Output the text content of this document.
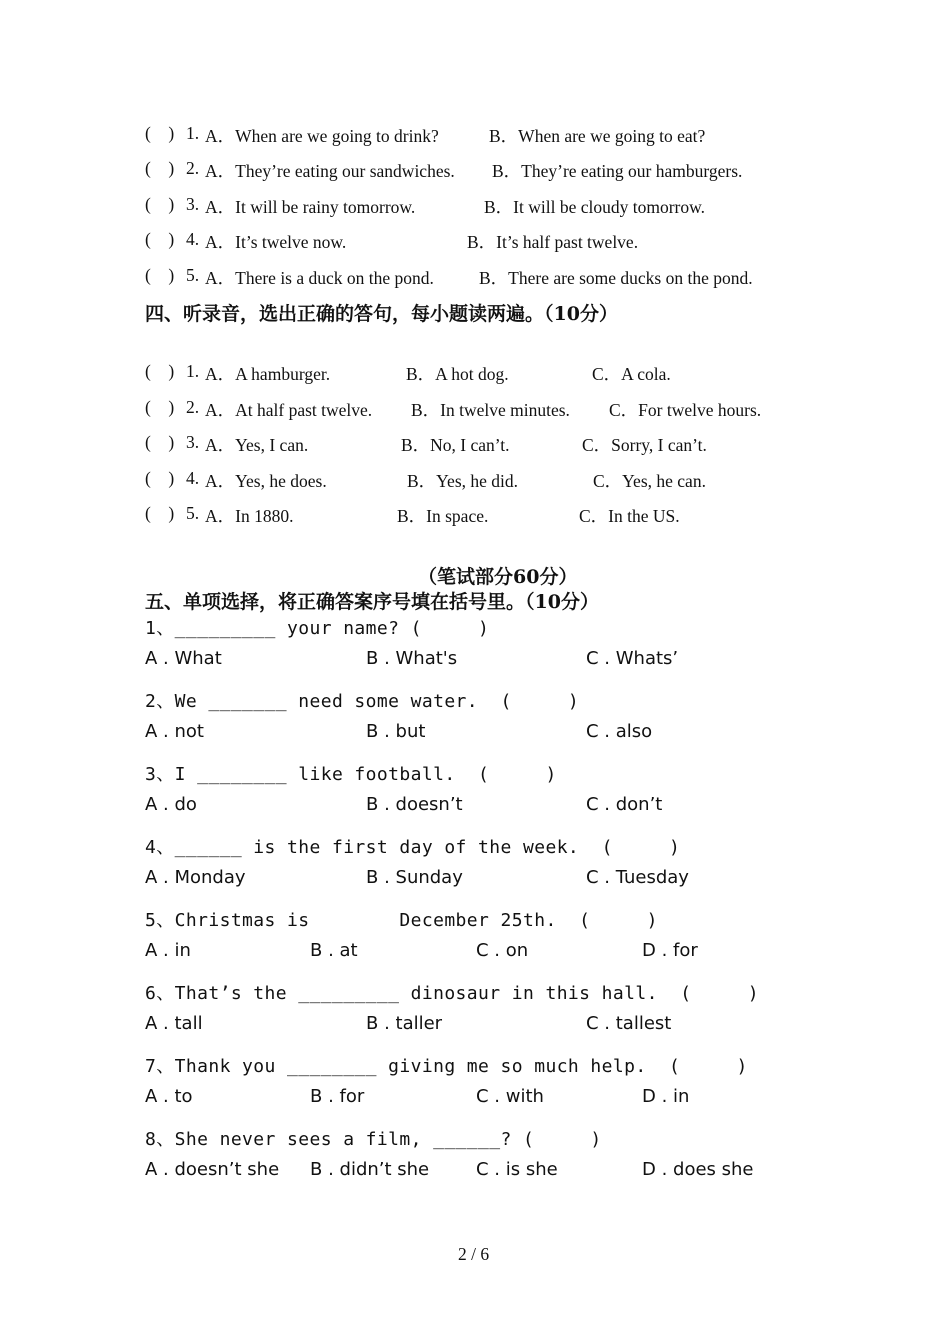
(    ) 1. A．When are we going to drink?	B．When are we going to eat?
(    ) 2. A．They’re eating our sandwiches. B．They’re eating our hamburgers.
(    ) 3. A．It will be rainy tomorrow.	B．It will be cloudy tomorrow.
(    ) 4. A．It’s twelve now.	B．It’s half past twelve.
(    ) 5. A．There is a duck on the pond.	B．There are some ducks on the pond.
四、听录音，选出正确的答句，每小题读两遍。（10分）
(    ) 1. A．A hamburger.	B．A hot dog.	C．A cola.
(    ) 2. A．At half past twelve. B．In twelve minutes. C．For twelve hours.
(    ) 3. A．Yes, I can.	B．No, I can’t.	C．Sorry, I can’t.
(    ) 4. A．Yes, he does.	B．Yes, he did.	C．Yes, he can.
(    ) 5. A．In 1880.	B．In space.	C．In the US.
（笔试部分60分）
五、单项选择，将正确答案序号填在括号里。（10分）
1、_________ your name? (     )
A . What	B . What's	C . Whats’
2、We _______ need some water.  (     )
A . not	B . but	C . also
3、I ________ like football.  (     )
A . do	B . doesn’t	C . don’t
4、______ is the first day of the week.  (     )
A . Monday	B . Sunday	C . Tuesday
5、Christmas is        December 25th.  (     )
A . in	B . at	C . on	D . for
6、That’s the _________ dinosaur in this hall.  (     )
A . tall	B . taller	C . tallest
7、Thank you ________ giving me so much help.  (     )
A . to	B . for	C . with	D . in
8、She never sees a film, ______? (     )
A . doesn’t she B . didn’t she	C . is she	D . does she
2 / 6
